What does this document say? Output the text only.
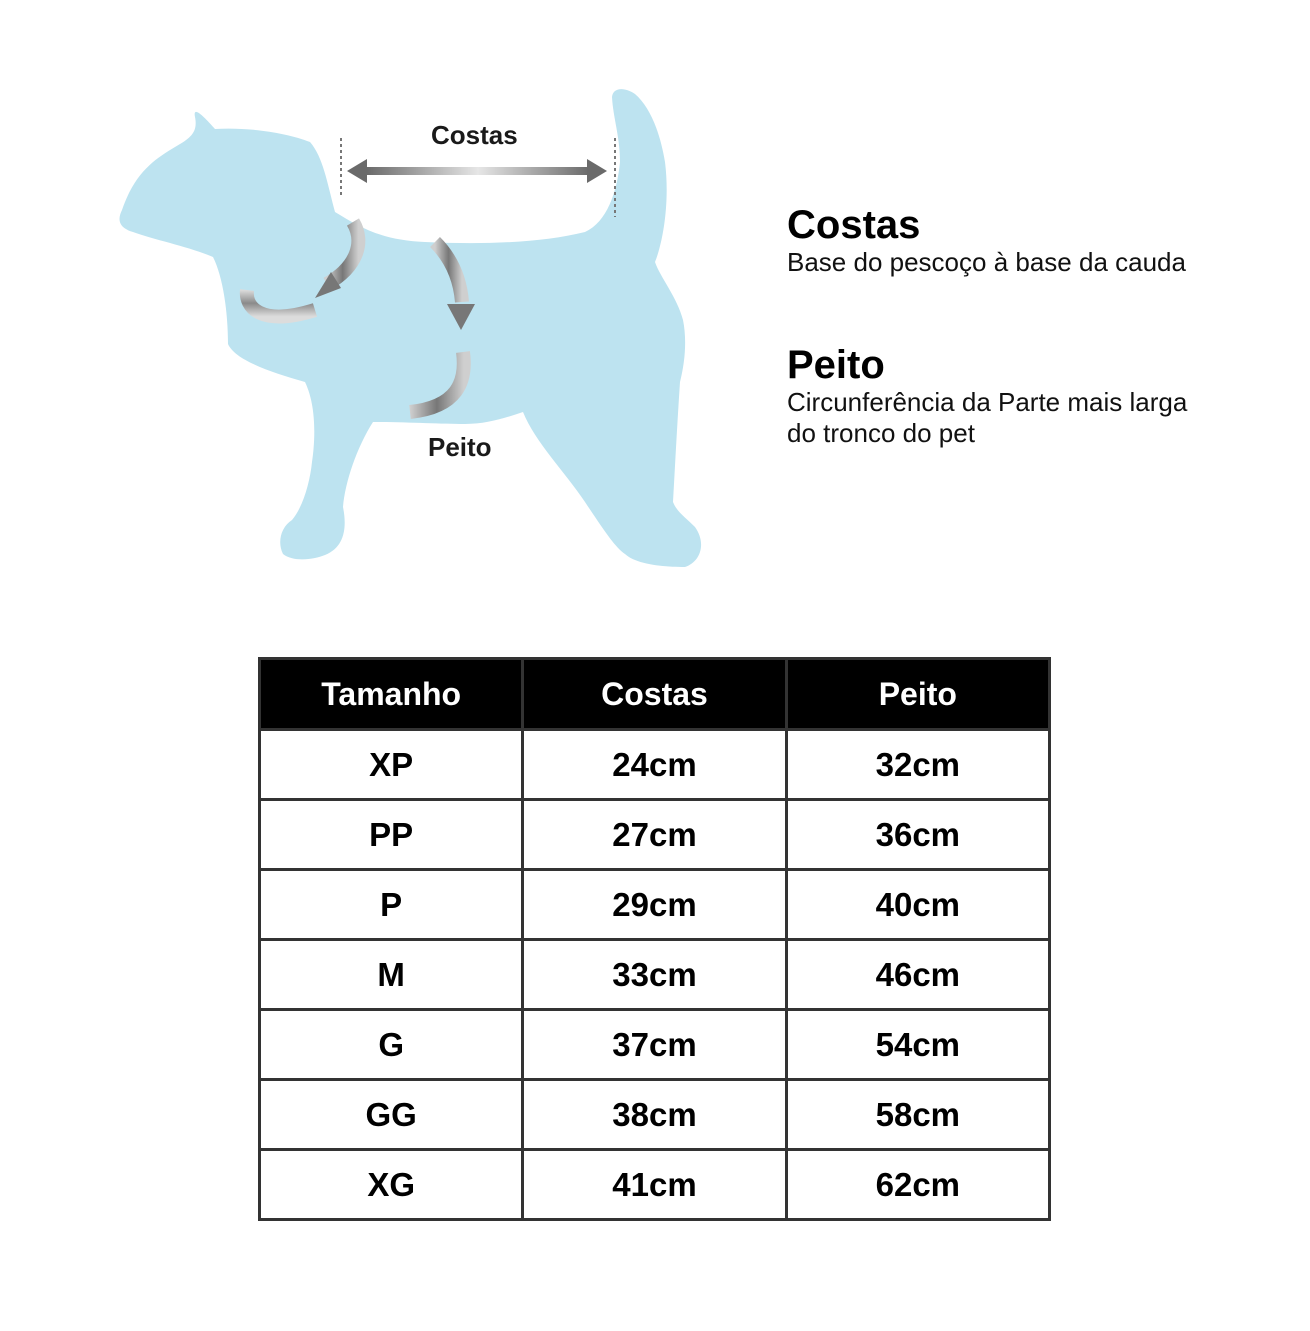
Costas
Peito

Costas

Base do pescoço à base da cauda

Peito

Circunferência da Parte mais larga

do tronco do pet

Tamanho	Costas	Peito
XP	24cm	32cm
PP	27cm	36cm
P	29cm	40cm
M	33cm	46cm
G	37cm	54cm
GG	38cm	58cm
XG	41cm	62cm
